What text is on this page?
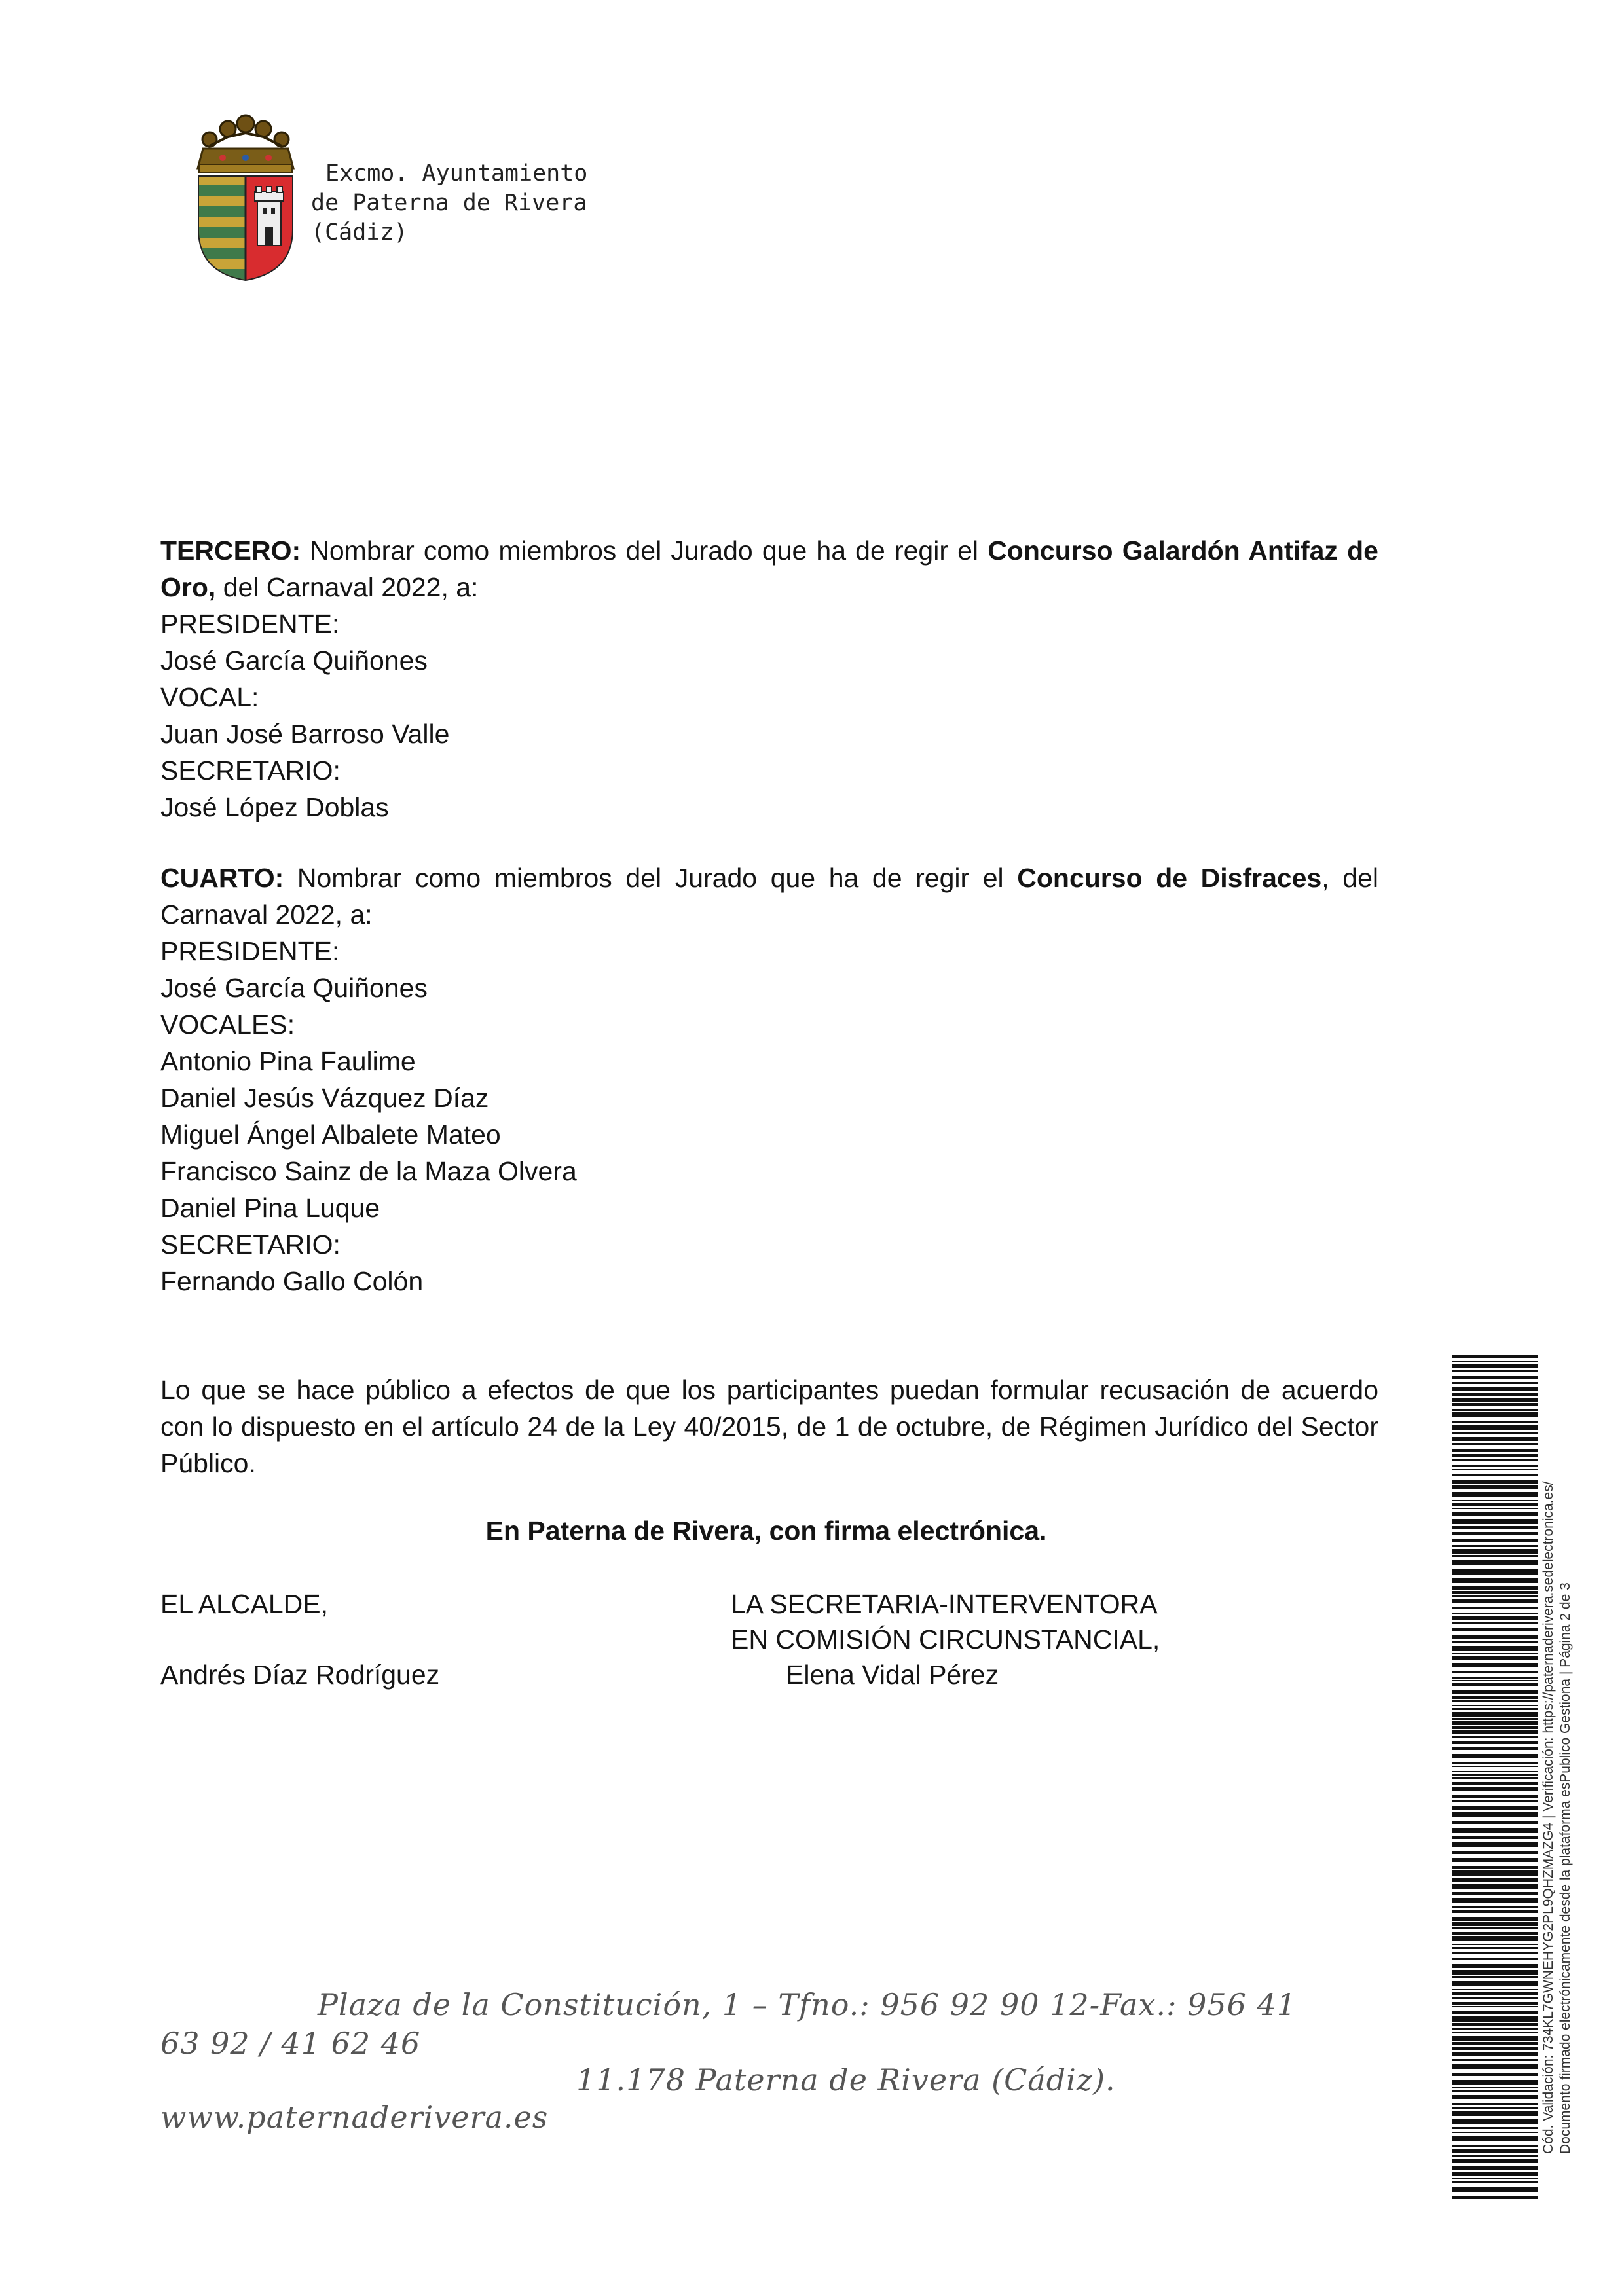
Excmo. Ayuntamiento
de Paterna de Rivera
(Cádiz)
TERCERO: Nombrar como miembros del Jurado que ha de regir el Concurso Galardón Antifaz de
Oro, del Carnaval 2022, a:
PRESIDENTE:
José García Quiñones
VOCAL:
Juan José Barroso Valle
SECRETARIO:
José López Doblas
CUARTO: Nombrar como miembros del Jurado que ha de regir el Concurso de Disfraces, del
Carnaval 2022, a:
PRESIDENTE:
José García Quiñones
VOCALES:
Antonio Pina Faulime
Daniel Jesús Vázquez Díaz
Miguel Ángel Albalete Mateo
Francisco Sainz de la Maza Olvera
Daniel Pina Luque
SECRETARIO:
Fernando Gallo Colón
Lo que se hace público a efectos de que los participantes puedan formular recusación de acuerdo
con lo dispuesto en el artículo 24 de la Ley 40/2015, de 1 de octubre, de Régimen Jurídico del Sector
Público.
En Paterna de Rivera, con firma electrónica.
EL ALCALDE,
Andrés Díaz Rodríguez
LA SECRETARIA-INTERVENTORA
EN COMISIÓN CIRCUNSTANCIAL,
Elena Vidal Pérez
Plaza de la Constitución, 1 – Tfno.: 956 92 90 12-Fax.: 956 41
63 92 / 41 62 46
11.178 Paterna de Rivera (Cádiz).
www.paternaderivera.es	Cód. Validación: 734KL7GWNEHYG2PL9QHZMAZG4 | Verificación: https://paternaderivera.sedelectronica.es/ Documento firmado electrónicamente desde la plataforma esPublico Gestiona | Página 2 de 3
